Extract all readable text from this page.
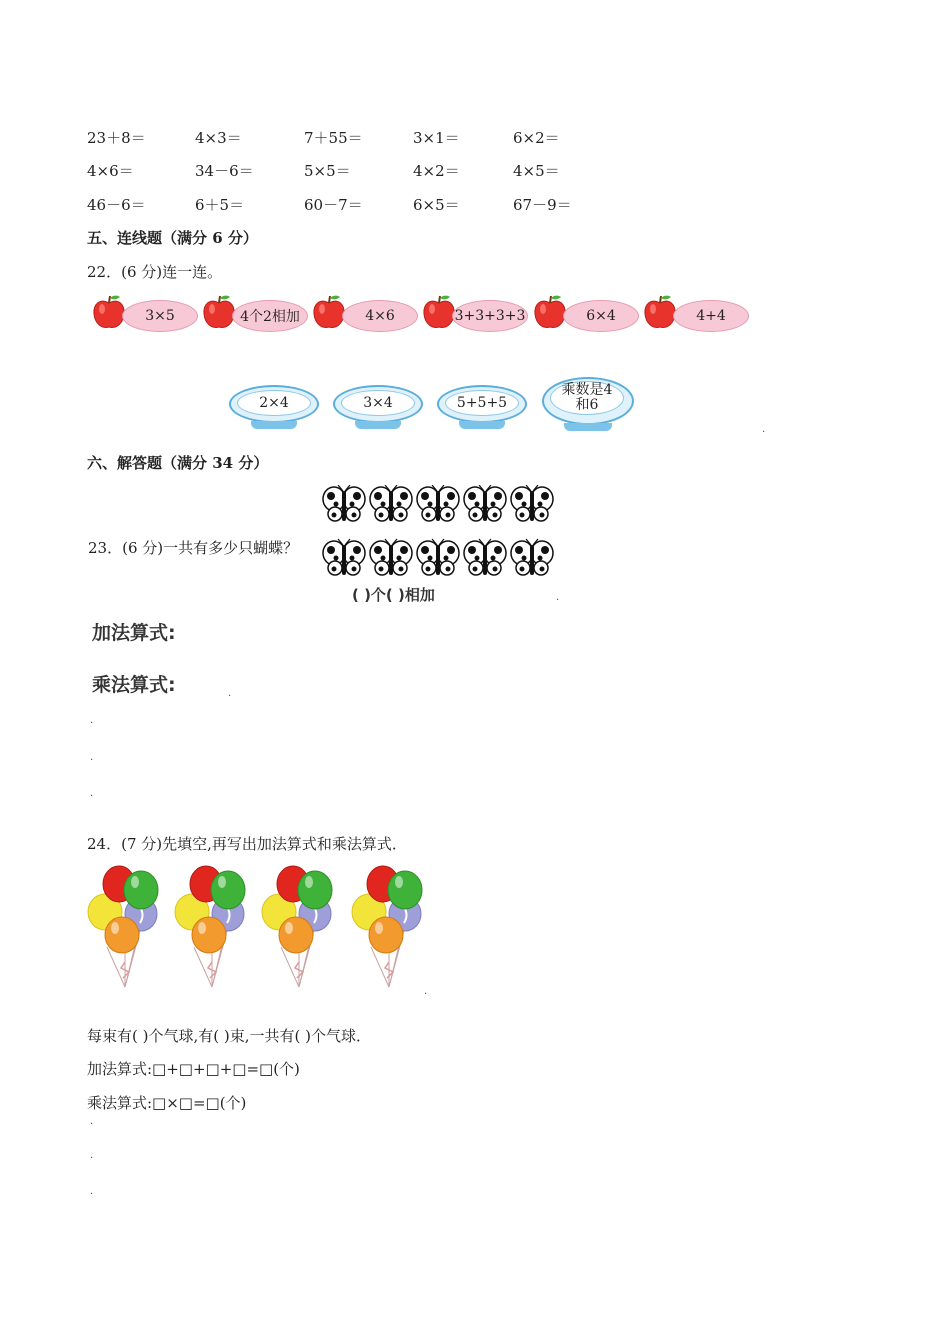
23＋8＝	4×3＝	7＋55＝	3×1＝	6×2＝
4×6＝	34－6＝	5×5＝	4×2＝	4×5＝
46－6＝	6＋5＝	60－7＝	6×5＝	67－9＝
五、连线题（满分 6 分）
22．(6 分)连一连。
3×5	4个2相加	4×6	3+3+3+3	6×4	4+4
2×4	3×4	5+5+5
乘数是4和6
.
六、解答题（满分 34 分）
23．(6 分)一共有多少只蝴蝶？
( )个( )相加	.
加法算式:
乘法算式:	.
.
.
.
24．(7 分)先填空,再写出加法算式和乘法算式．
.
每束有( )个气球,有( )束,一共有( )个气球．
加法算式:□+□+□+□=□(个)
乘法算式:□×□=□(个)
.
.
.
